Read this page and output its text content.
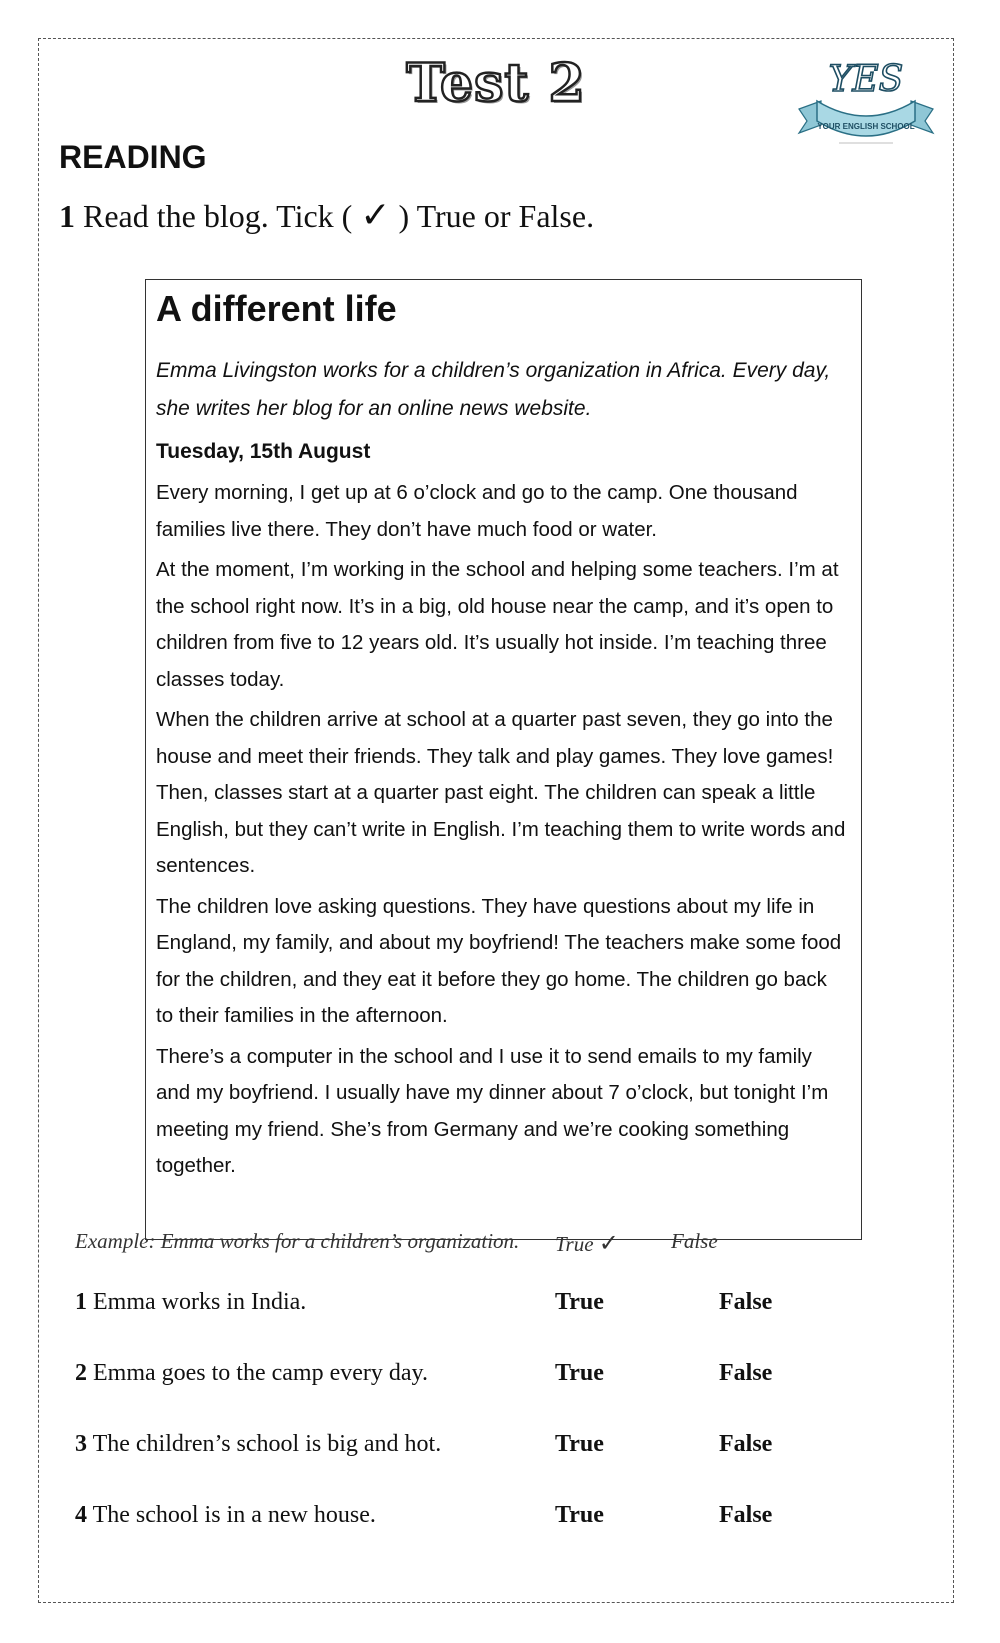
Test 2	YES
YOUR ENGLISH SCHOOL
READING
1 Read the blog. Tick ( ✓ ) True or False.
A different life
Emma Livingston works for a children’s organization in Africa. Every day, she writes her blog for an online news website.
Tuesday, 15th August
Every morning, I get up at 6 o’clock and go to the camp. One thousand families live there. They don’t have much food or water.
At the moment, I’m working in the school and helping some teachers. I’m at the school right now. It’s in a big, old house near the camp, and it’s open to children from five to 12 years old. It’s usually hot inside. I’m teaching three classes today.
When the children arrive at school at a quarter past seven, they go into the house and meet their friends. They talk and play games. They love games! Then, classes start at a quarter past eight. The children can speak a little English, but they can’t write in English. I’m teaching them to write words and sentences.
The children love asking questions. They have questions about my life in England, my family, and about my boyfriend! The teachers make some food for the children, and they eat it before they go home. The children go back to their families in the afternoon.
There’s a computer in the school and I use it to send emails to my family and my boyfriend. I usually have my dinner about 7 o’clock, but tonight I’m meeting my friend. She’s from Germany and we’re cooking something together.
Example: Emma works for a children’s organization. True ✓ False
1 Emma works in India.	True	False
2 Emma goes to the camp every day.	True	False
3 The children’s school is big and hot.	True	False
4 The school is in a new house.	True	False
